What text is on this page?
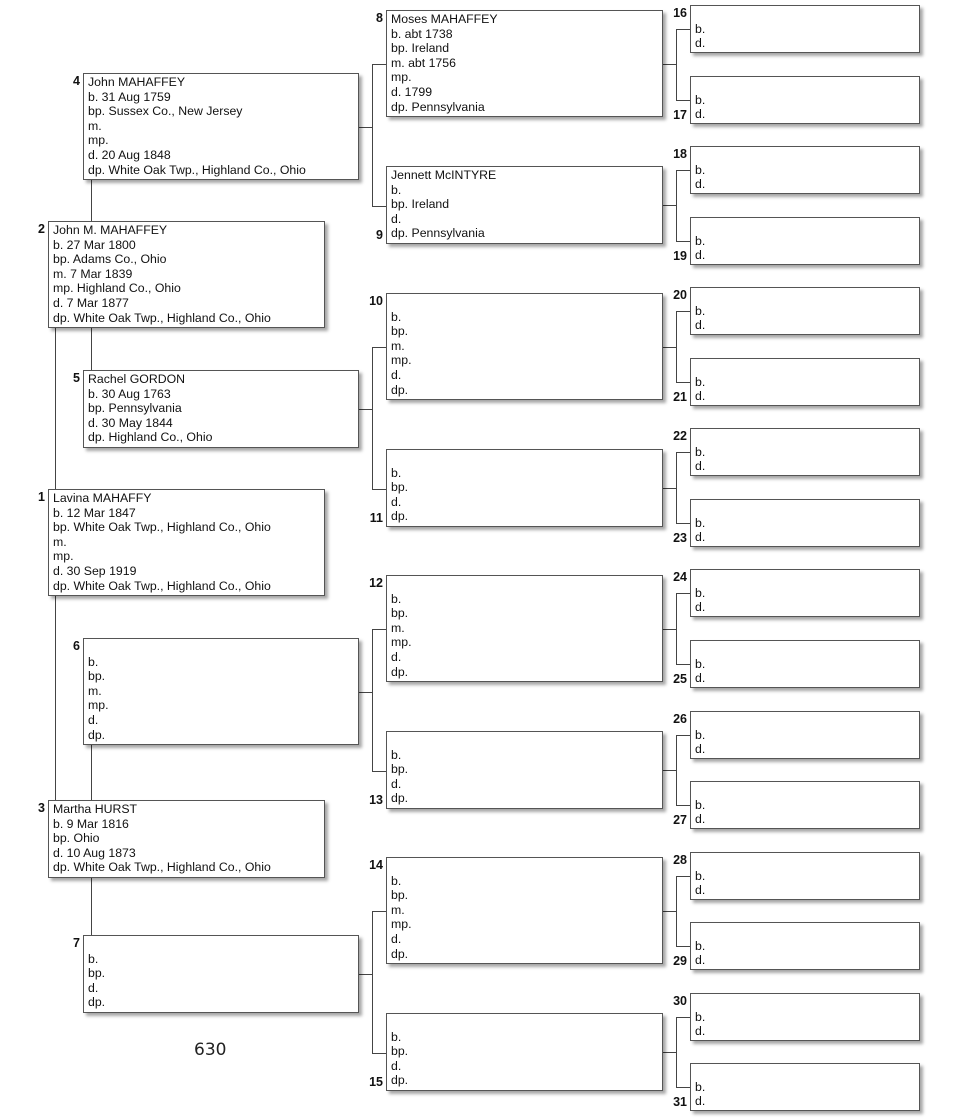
Lavina MAHAFFY
b. 12 Mar 1847
bp. White Oak Twp., Highland Co., Ohio
m.
mp.
d. 30 Sep 1919
dp. White Oak Twp., Highland Co., Ohio
1
John M. MAHAFFEY
b. 27 Mar 1800
bp. Adams Co., Ohio
m. 7 Mar 1839
mp. Highland Co., Ohio
d. 7 Mar 1877
dp. White Oak Twp., Highland Co., Ohio
2
Martha HURST
b. 9 Mar 1816
bp. Ohio
d. 10 Aug 1873
dp. White Oak Twp., Highland Co., Ohio
3
John MAHAFFEY
b. 31 Aug 1759
bp. Sussex Co., New Jersey
m.
mp.
d. 20 Aug 1848
dp. White Oak Twp., Highland Co., Ohio
4
Rachel GORDON
b. 30 Aug 1763
bp. Pennsylvania
d. 30 May 1844
dp. Highland Co., Ohio
5

b.
bp.
m.
mp.
d.
dp.
6

b.
bp.
d.
dp.
7
Moses MAHAFFEY
b. abt 1738
bp. Ireland
m. abt 1756
mp.
d. 1799
dp. Pennsylvania
8
Jennett McINTYRE
b.
bp. Ireland
d.
dp. Pennsylvania
9

b.
bp.
m.
mp.
d.
dp.
10

b.
bp.
d.
dp.
11

b.
bp.
m.
mp.
d.
dp.
12

b.
bp.
d.
dp.
13

b.
bp.
m.
mp.
d.
dp.
14

b.
bp.
d.
dp.
15

b.
d.
16

b.
d.
17

b.
d.
18

b.
d.
19

b.
d.
20

b.
d.
21

b.
d.
22

b.
d.
23

b.
d.
24

b.
d.
25

b.
d.
26

b.
d.
27

b.
d.
28

b.
d.
29

b.
d.
30

b.
d.
31
630
